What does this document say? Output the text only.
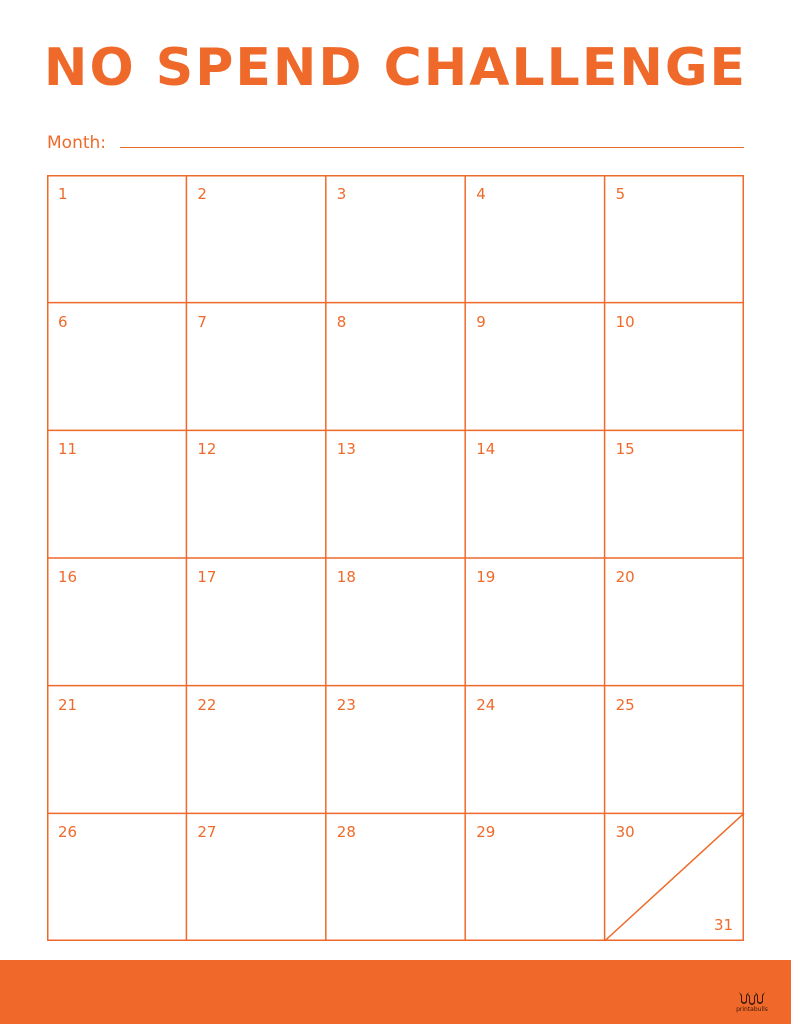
NO SPEND CHALLENGE
Month:
1	2	3	4	5
6	7	8	9	10
11	12	13	14	15
16	17	18	19	20
21	22	23	24	25
26	27	28	29	30
31
printabulls
